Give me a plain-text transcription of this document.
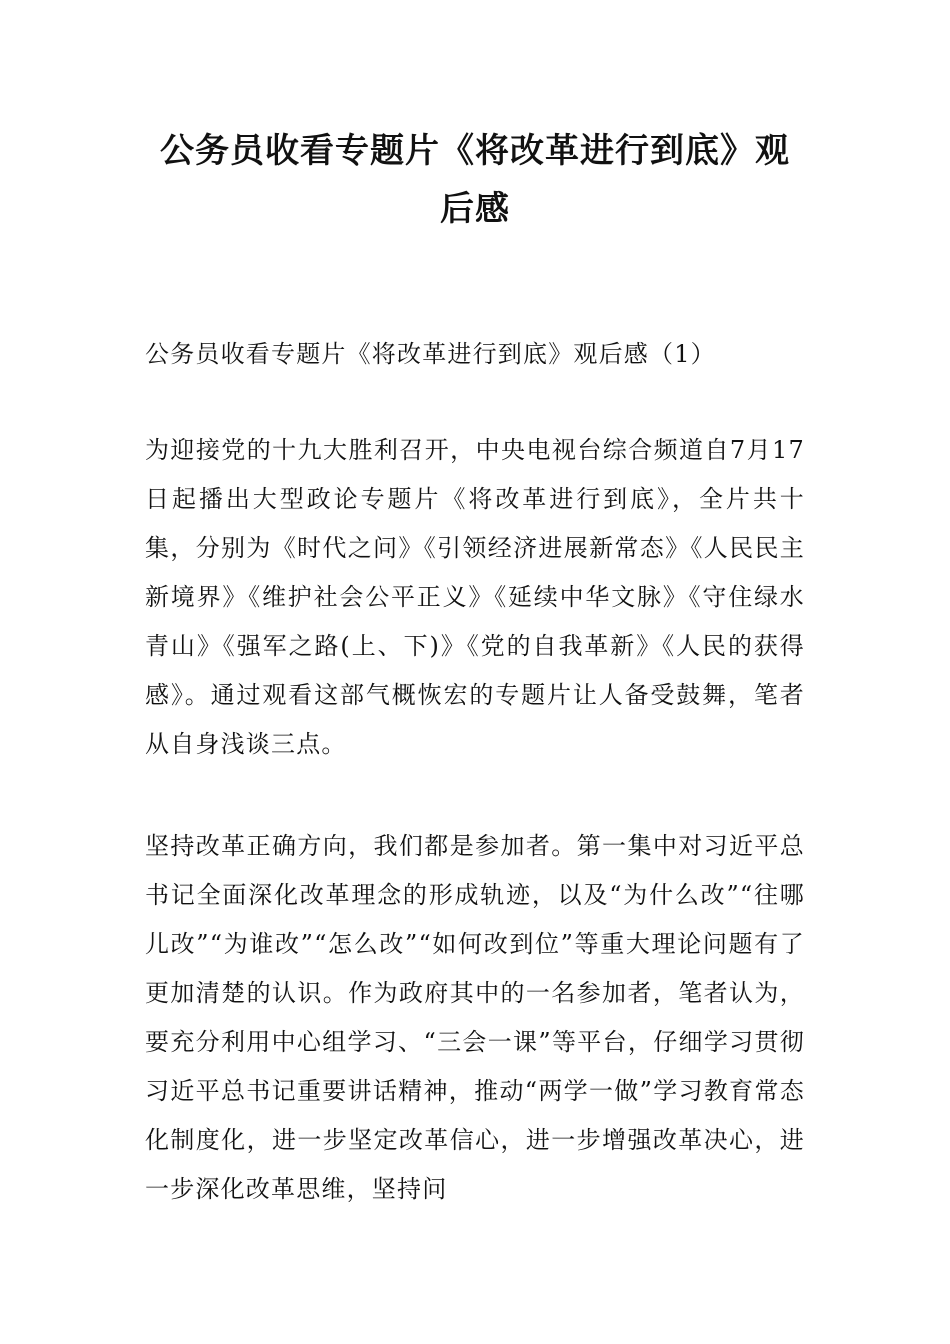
公务员收看专题片《将改革进行到底》观后感

公务员收看专题片《将改革进行到底》观后感（1）

为迎接党的十九大胜利召开，中央电视台综合频道自7月17日起播出大型政论专题片《将改革进行到底》，全片共十集，分别为《时代之问》《引领经济进展新常态》《人民民主新境界》《维护社会公平正义》《延续中华文脉》《守住绿水青山》《强军之路(上、下)》《党的自我革新》《人民的获得感》。通过观看这部气概恢宏的专题片让人备受鼓舞，笔者从自身浅谈三点。

坚持改革正确方向，我们都是参加者。第一集中对习近平总书记全面深化改革理念的形成轨迹，以及“为什么改”“往哪儿改”“为谁改”“怎么改”“如何改到位”等重大理论问题有了更加清楚的认识。作为政府其中的一名参加者，笔者认为，要充分利用中心组学习、“三会一课”等平台，仔细学习贯彻习近平总书记重要讲话精神，推动“两学一做”学习教育常态化制度化，进一步坚定改革信心，进一步增强改革决心，进一步深化改革思维，坚持问
